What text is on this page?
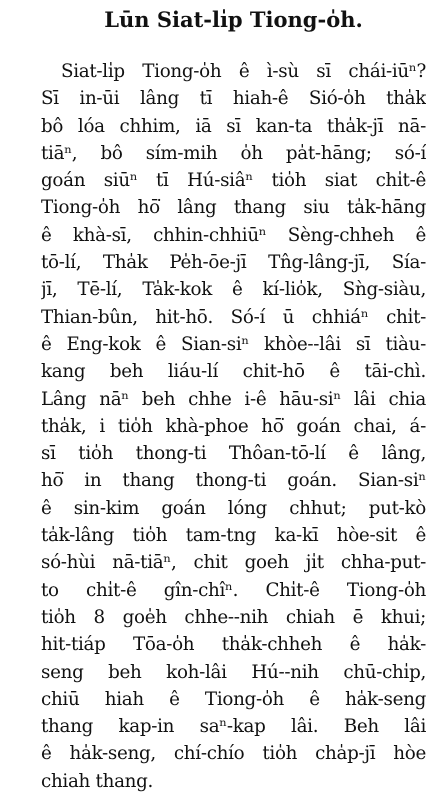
Lūn Siat-li̍p Tiong-o̍h.
Siat-li̍p Tiong-o̍h ê ì-sù sī chái-iūⁿ?
Sī in-ūi lâng tī hiah-ê Sió-o̍h tha̍k
bô lóa chhim, iā sī kan-ta tha̍k-jī nā-
tiāⁿ, bô sím-mih o̍h pa̍t-hāng; só-í
goán siūⁿ tī Hú-siâⁿ tio̍h siat chi̍t-ê
Tiong-o̍h hō͘ lâng thang siu ta̍k-hāng
ê khà-sī, chhin-chhiūⁿ Sèng-chheh ê
tō-lí, Tha̍k Pe̍h-ōe-jī Tn̂g-lâng-jī, Sía-
jī, Tē-lí, Ta̍k-kok ê kí-lio̍k, Sǹg-siàu,
Thian-bûn, hit-hō. Só-í ū chhiáⁿ chi̍t-
ê Eng-kok ê Sian-siⁿ khòe--lâi sī tiàu-
kang beh liáu-lí chit-hō ê tāi-chì.
Lâng nāⁿ beh chhe i-ê hāu-siⁿ lâi chia
tha̍k, i tio̍h khà-phoe hō͘ goán chai, á-
sī tio̍h thong-ti Thôan-tō-lí ê lâng,
hō͘ in thang thong-ti goán. Sian-siⁿ
ê sin-kim goán lóng chhut; put-kò
ta̍k-lâng tio̍h tam-tng ka-kī hòe-sit ê
só-hùi nā-tiāⁿ, chit goeh ji̍t chha-put-
to chi̍t-ê gîn-chîⁿ. Chi̍t-ê Tiong-o̍h
tio̍h 8 goe̍h chhe--nih chiah ē khui;
hit-tiáp Tōa-o̍h tha̍k-chheh ê ha̍k-
seng beh koh-lâi Hú--nih chū-chi̍p,
chiū hiah ê Tiong-o̍h ê ha̍k-seng
thang kap-in saⁿ-kap lâi. Beh lâi
ê ha̍k-seng, chí-chío tio̍h cha̍p-jī hòe
chiah thang.
